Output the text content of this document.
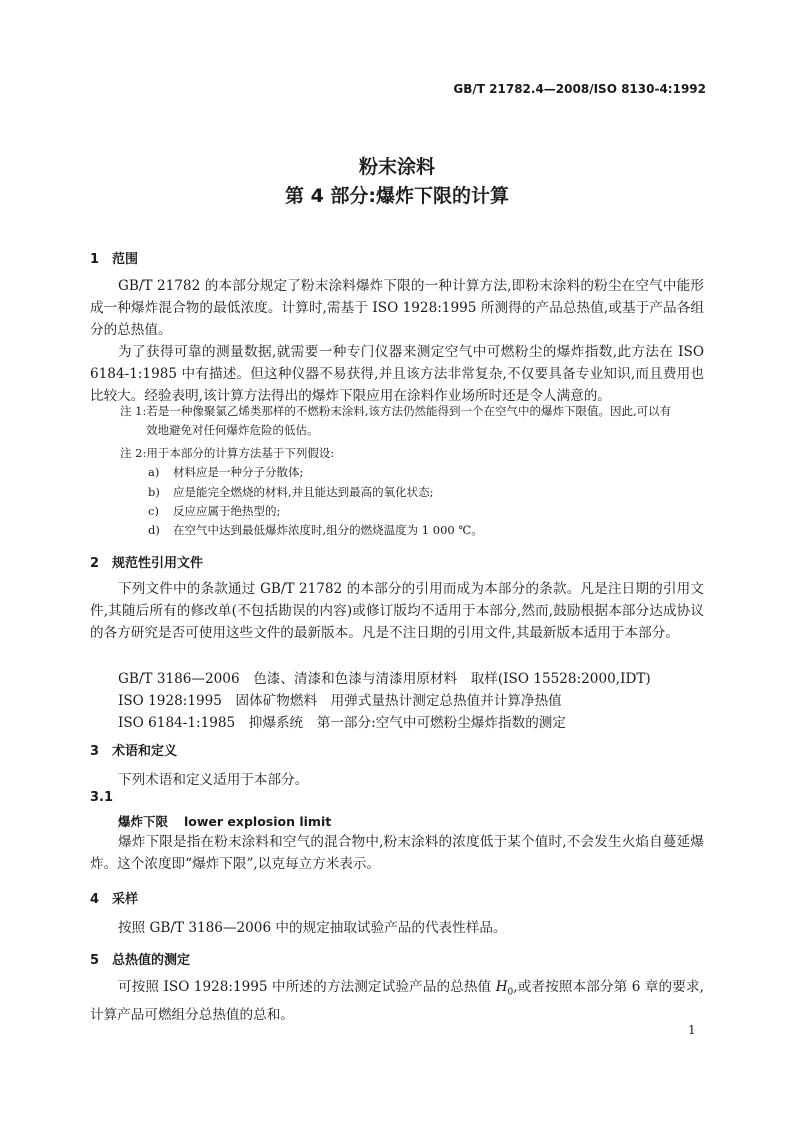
GB/T 21782.4—2008/ISO 8130-4:1992
粉末涂料
第 4 部分:爆炸下限的计算
1 范围
GB/T 21782 的本部分规定了粉末涂料爆炸下限的一种计算方法,即粉末涂料的粉尘在空气中能形成一种爆炸混合物的最低浓度。计算时,需基于 ISO 1928:1995 所测得的产品总热值,或基于产品各组分的总热值。
为了获得可靠的测量数据,就需要一种专门仪器来测定空气中可燃粉尘的爆炸指数,此方法在 ISO 6184-1:1985 中有描述。但这种仪器不易获得,并且该方法非常复杂,不仅要具备专业知识,而且费用也比较大。经验表明,该计算方法得出的爆炸下限应用在涂料作业场所时还是令人满意的。
注 1:若是一种像聚氯乙烯类那样的不燃粉末涂料,该方法仍然能得到一个在空气中的爆炸下限值。因此,可以有
效地避免对任何爆炸危险的低估。
注 2:用于本部分的计算方法基于下列假设:
a) 材料应是一种分子分散体;
b) 应是能完全燃烧的材料,并且能达到最高的氧化状态;
c) 反应应属于绝热型的;
d) 在空气中达到最低爆炸浓度时,组分的燃烧温度为 1 000 ℃。
2 规范性引用文件
下列文件中的条款通过 GB/T 21782 的本部分的引用而成为本部分的条款。凡是注日期的引用文件,其随后所有的修改单(不包括勘误的内容)或修订版均不适用于本部分,然而,鼓励根据本部分达成协议的各方研究是否可使用这些文件的最新版本。凡是不注日期的引用文件,其最新版本适用于本部分。
GB/T 3186—2006　色漆、清漆和色漆与清漆用原材料　取样(ISO 15528:2000,IDT)
ISO 1928:1995　固体矿物燃料　用弹式量热计测定总热值并计算净热值
ISO 6184-1:1985　抑爆系统　第一部分:空气中可燃粉尘爆炸指数的测定
3 术语和定义
下列术语和定义适用于本部分。
3.1
爆炸下限 lower explosion limit
爆炸下限是指在粉末涂料和空气的混合物中,粉末涂料的浓度低于某个值时,不会发生火焰自蔓延爆炸。这个浓度即“爆炸下限”,以克每立方米表示。
4 采样
按照 GB/T 3186—2006 中的规定抽取试验产品的代表性样品。
5 总热值的测定
可按照 ISO 1928:1995 中所述的方法测定试验产品的总热值 $H_0$,或者按照本部分第 6 章的要求,计算产品可燃组分总热值的总和。
1
